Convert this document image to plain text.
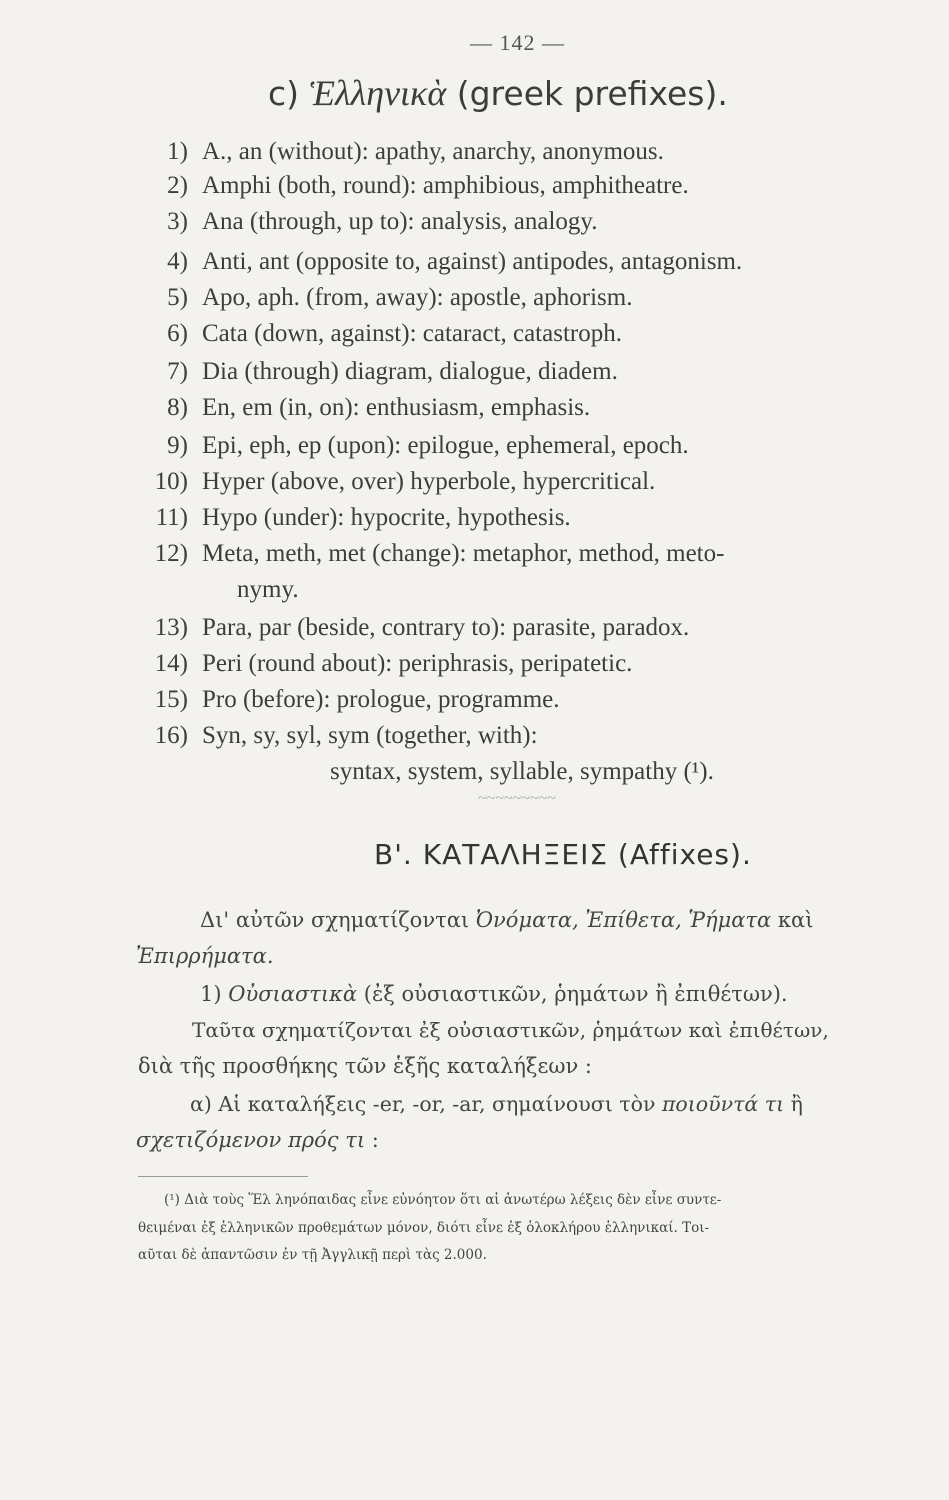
— 142 —
c) Ἑλληνικὰ (greek prefixes).
1) A., an (without): apathy, anarchy, anonymous.
2) Amphi (both, round): amphibious, amphitheatre.
3) Ana (through, up to): analysis, analogy.
4) Anti, ant (opposite to, against) antipodes, antagonism.
5) Apo, aph. (from, away): apostle, aphorism.
6) Cata (down, against): cataract, catastroph.
7) Dia (through) diagram, dialogue, diadem.
8) En, em (in, on): enthusiasm, emphasis.
9) Epi, eph, ep (upon): epilogue, ephemeral, epoch.
10) Hyper (above, over) hyperbole, hypercritical.
11) Hypo (under): hypocrite, hypothesis.
12) Meta, meth, met (change): metaphor, method, meto-
nymy.
13) Para, par (beside, contrary to): parasite, paradox.
14) Peri (round about): periphrasis, peripatetic.
15) Pro (before): prologue, programme.
16) Syn, sy, syl, sym (together, with):
syntax, system, syllable, sympathy (¹).
~~~~~~~~~
Β'. ΚΑΤΑΛΗΞΕΙΣ (Affixes).
Δι' αὐτῶν σχηματίζονται Ὀνόματα, Ἐπίθετα, Ῥήματα καὶ
Ἐπιρρήματα.
1) Οὐσιαστικὰ (ἐξ οὐσιαστικῶν, ῥημάτων ἢ ἐπιθέτων).
Ταῦτα σχηματίζονται ἐξ οὐσιαστικῶν, ῥημάτων καὶ ἐπιθέτων,
διὰ τῆς προσθήκης τῶν ἑξῆς καταλήξεων :
α) Αἱ καταλήξεις -er, -or, -ar, σημαίνουσι τὸν ποιοῦντά τι ἢ
σχετιζόμενον πρός τι :
(¹) Διὰ τοὺς Ἕλ ληνόπαιδας εἶνε εὐνόητον ὅτι αἱ ἀνωτέρω λέξεις δὲν εἶνε συντε-
θειμέναι ἐξ ἑλληνικῶν προθεμάτων μόνον, διότι εἶνε ἐξ ὁλοκλήρου ἑλληνικαί. Τοι-
αῦται δὲ ἀπαντῶσιν ἐν τῇ Ἀγγλικῇ περὶ τὰς 2.000.
